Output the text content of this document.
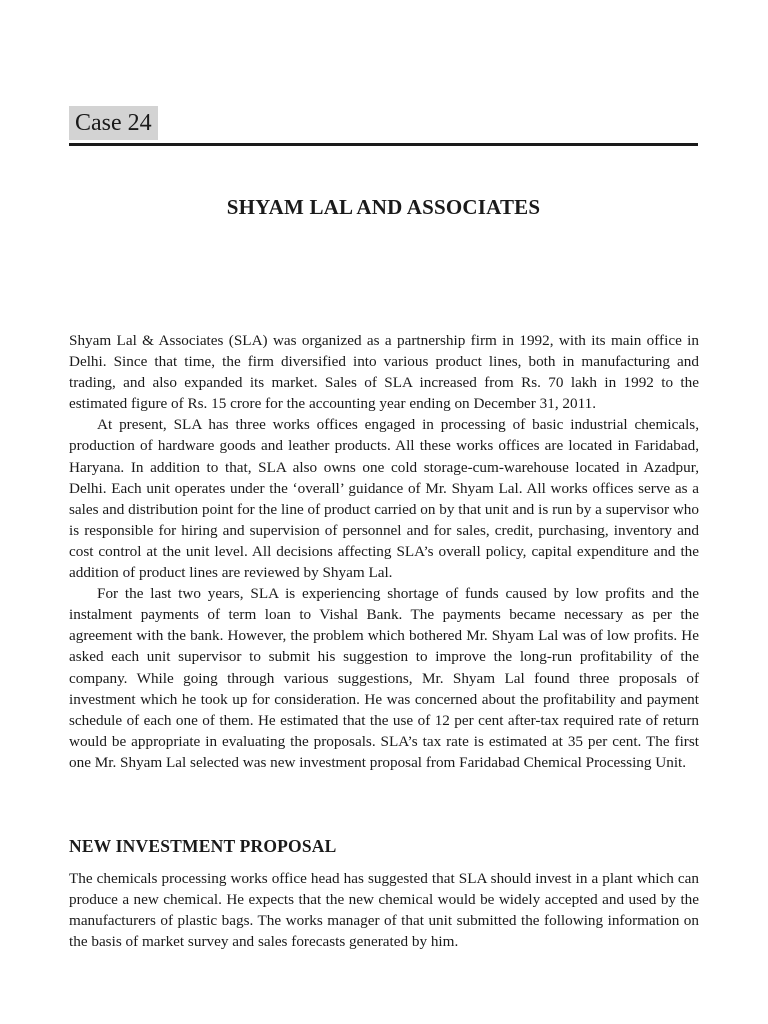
Case 24
SHYAM LAL AND ASSOCIATES

Shyam Lal & Associates (SLA) was organized as a partnership firm in 1992, with its main office in Delhi. Since that time, the firm diversified into various product lines, both in manufacturing and trading, and also expanded its market. Sales of SLA increased from Rs. 70 lakh in 1992 to the estimated figure of Rs. 15 crore for the accounting year ending on December 31, 2011.

At present, SLA has three works offices engaged in processing of basic industrial chemicals, production of hardware goods and leather products. All these works offices are located in Faridabad, Haryana. In addition to that, SLA also owns one cold storage-cum-warehouse located in Azadpur, Delhi. Each unit operates under the ‘overall’ guidance of Mr. Shyam Lal. All works offices serve as a sales and distribution point for the line of product carried on by that unit and is run by a supervisor who is responsible for hiring and supervision of personnel and for sales, credit, purchasing, inventory and cost control at the unit level. All decisions affecting SLA’s overall policy, capital expenditure and the addition of product lines are reviewed by Shyam Lal.

For the last two years, SLA is experiencing shortage of funds caused by low profits and the instalment payments of term loan to Vishal Bank. The payments became necessary as per the agreement with the bank. However, the problem which bothered Mr. Shyam Lal was of low profits. He asked each unit supervisor to submit his suggestion to improve the long-run profitability of the company. While going through various suggestions, Mr. Shyam Lal found three proposals of investment which he took up for consideration. He was concerned about the profitability and payment schedule of each one of them. He estimated that the use of 12 per cent after-tax required rate of return would be appropriate in evaluating the proposals. SLA’s tax rate is estimated at 35 per cent. The first one Mr. Shyam Lal selected was new investment proposal from Faridabad Chemical Processing Unit.

NEW INVESTMENT PROPOSAL

The chemicals processing works office head has suggested that SLA should invest in a plant which can produce a new chemical. He expects that the new chemical would be widely accepted and used by the manufacturers of plastic bags. The works manager of that unit submitted the following information on the basis of market survey and sales forecasts generated by him.
